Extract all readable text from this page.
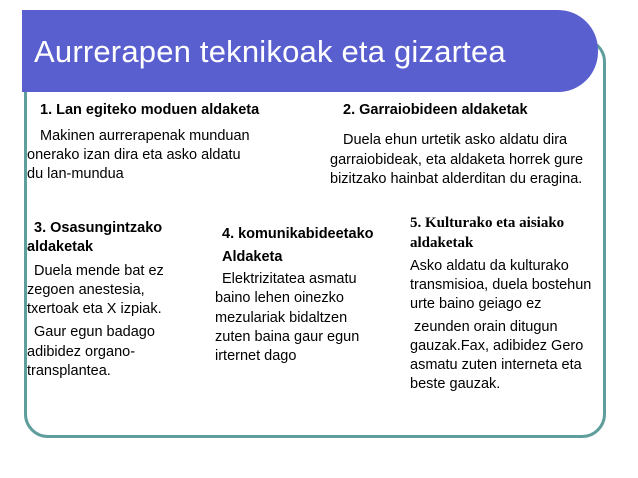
Aurrerapen teknikoak eta gizartea
1. Lan egiteko moduen aldaketa
Makinen aurrerapenak munduan
onerako izan dira eta asko aldatu
du lan-mundua
2. Garraiobideen aldaketak
Duela ehun urtetik asko aldatu dira
garraiobideak, eta aldaketa horrek gure
bizitzako hainbat alderditan du eragina.
3. Osasungintzako
aldaketak
Duela mende bat ez
zegoen anestesia,
txertoak eta X izpiak.
Gaur egun badago
adibidez organo-
transplantea.
4. komunikabideetako
Aldaketa
Elektrizitatea asmatu
baino lehen oinezko
mezulariak bidaltzen
zuten baina gaur egun
irternet dago
5. Kulturako eta aisiako
aldaketak
Asko aldatu da kulturako
transmisioa, duela bostehun
urte baino geiago ez
zeunden orain ditugun
gauzak.Fax, adibidez Gero
asmatu zuten interneta eta
beste gauzak.
